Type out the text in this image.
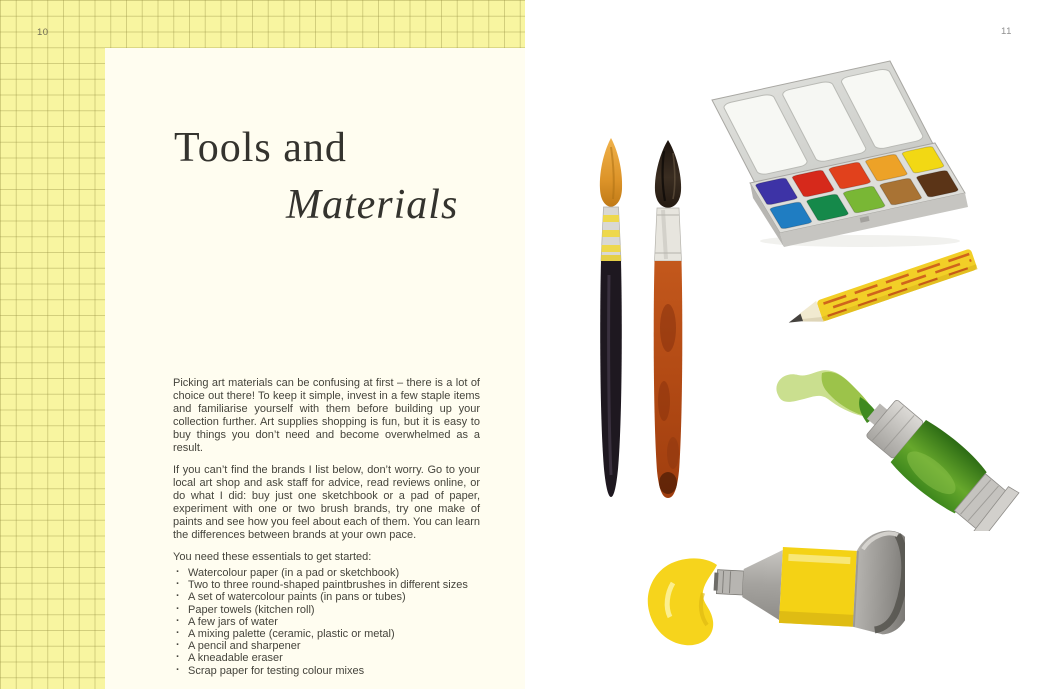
10
Tools and
Materials

Picking art materials can be confusing at first – there is a lot of choice out there! To keep it simple, invest in a few staple items and familiarise yourself with them before building up your collection further. Art supplies shopping is fun, but it is easy to buy things you don’t need and become overwhelmed as a result.

If you can’t find the brands I list below, don’t worry. Go to your local art shop and ask staff for advice, read reviews online, or do what I did: buy just one sketchbook or a pad of paper, experiment with one or two brush brands, try one make of paints and see how you feel about each of them. You can learn the differences between brands at your own pace.

You need these essentials to get started:

· Watercolour paper (in a pad or sketchbook)
· Two to three round-shaped paintbrushes in different sizes
· A set of watercolour paints (in pans or tubes)
· Paper towels (kitchen roll)
· A few jars of water
· A mixing palette (ceramic, plastic or metal)
· A pencil and sharpener
· A kneadable eraser
· Scrap paper for testing colour mixes
11
